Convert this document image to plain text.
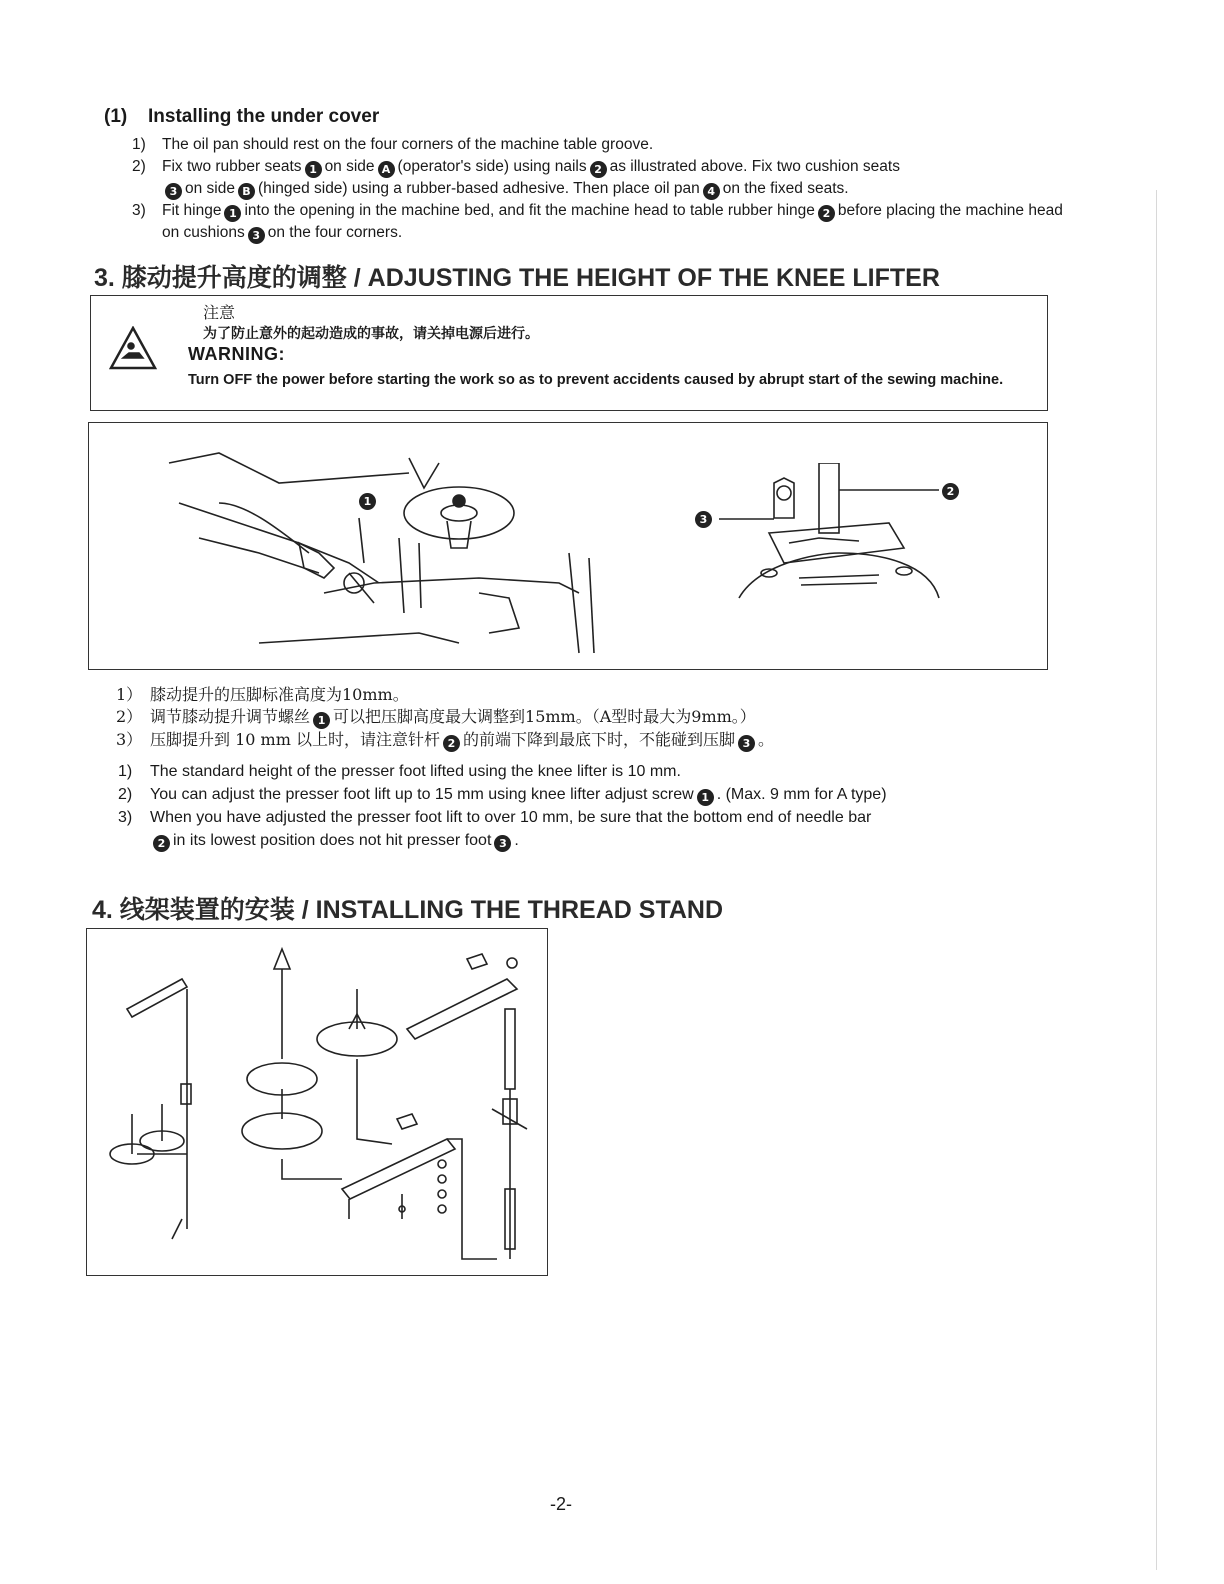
(1) Installing the under cover
1) The oil pan should rest on the four corners of the machine table groove.
2) Fix two rubber seats 1 on side A (operator's side) using nails 2 as illustrated above. Fix two cushion seats
3 on side B (hinged side) using a rubber-based adhesive. Then place oil pan 4 on the fixed seats.
3) Fit hinge 1 into the opening in the machine bed, and fit the machine head to table rubber hinge 2 before placing the machine head on cushions 3 on the four corners.
3. 膝动提升高度的调整 / ADJUSTING THE HEIGHT OF THE KNEE LIFTER
注意
为了防止意外的起动造成的事故，请关掉电源后进行。
WARNING:
Turn OFF the power before starting the work so as to prevent accidents caused by abrupt start of the sewing machine.
1
3
2
1） 膝动提升的压脚标准高度为10mm。
2） 调节膝动提升调节螺丝 1 可以把压脚高度最大调整到15mm。（A型时最大为9mm。）
3） 压脚提升到 10 mm 以上时，请注意针杆 2 的前端下降到最底下时，不能碰到压脚 3 。
1) The standard height of the presser foot lifted using the knee lifter is 10 mm.
2) You can adjust the presser foot lift up to 15 mm using knee lifter adjust screw 1 . (Max. 9 mm for A type)
3) When you have adjusted the presser foot lift to over 10 mm, be sure that the bottom end of needle bar
2 in its lowest position does not hit presser foot 3 .
4. 线架装置的安装 / INSTALLING THE THREAD STAND
-2-
